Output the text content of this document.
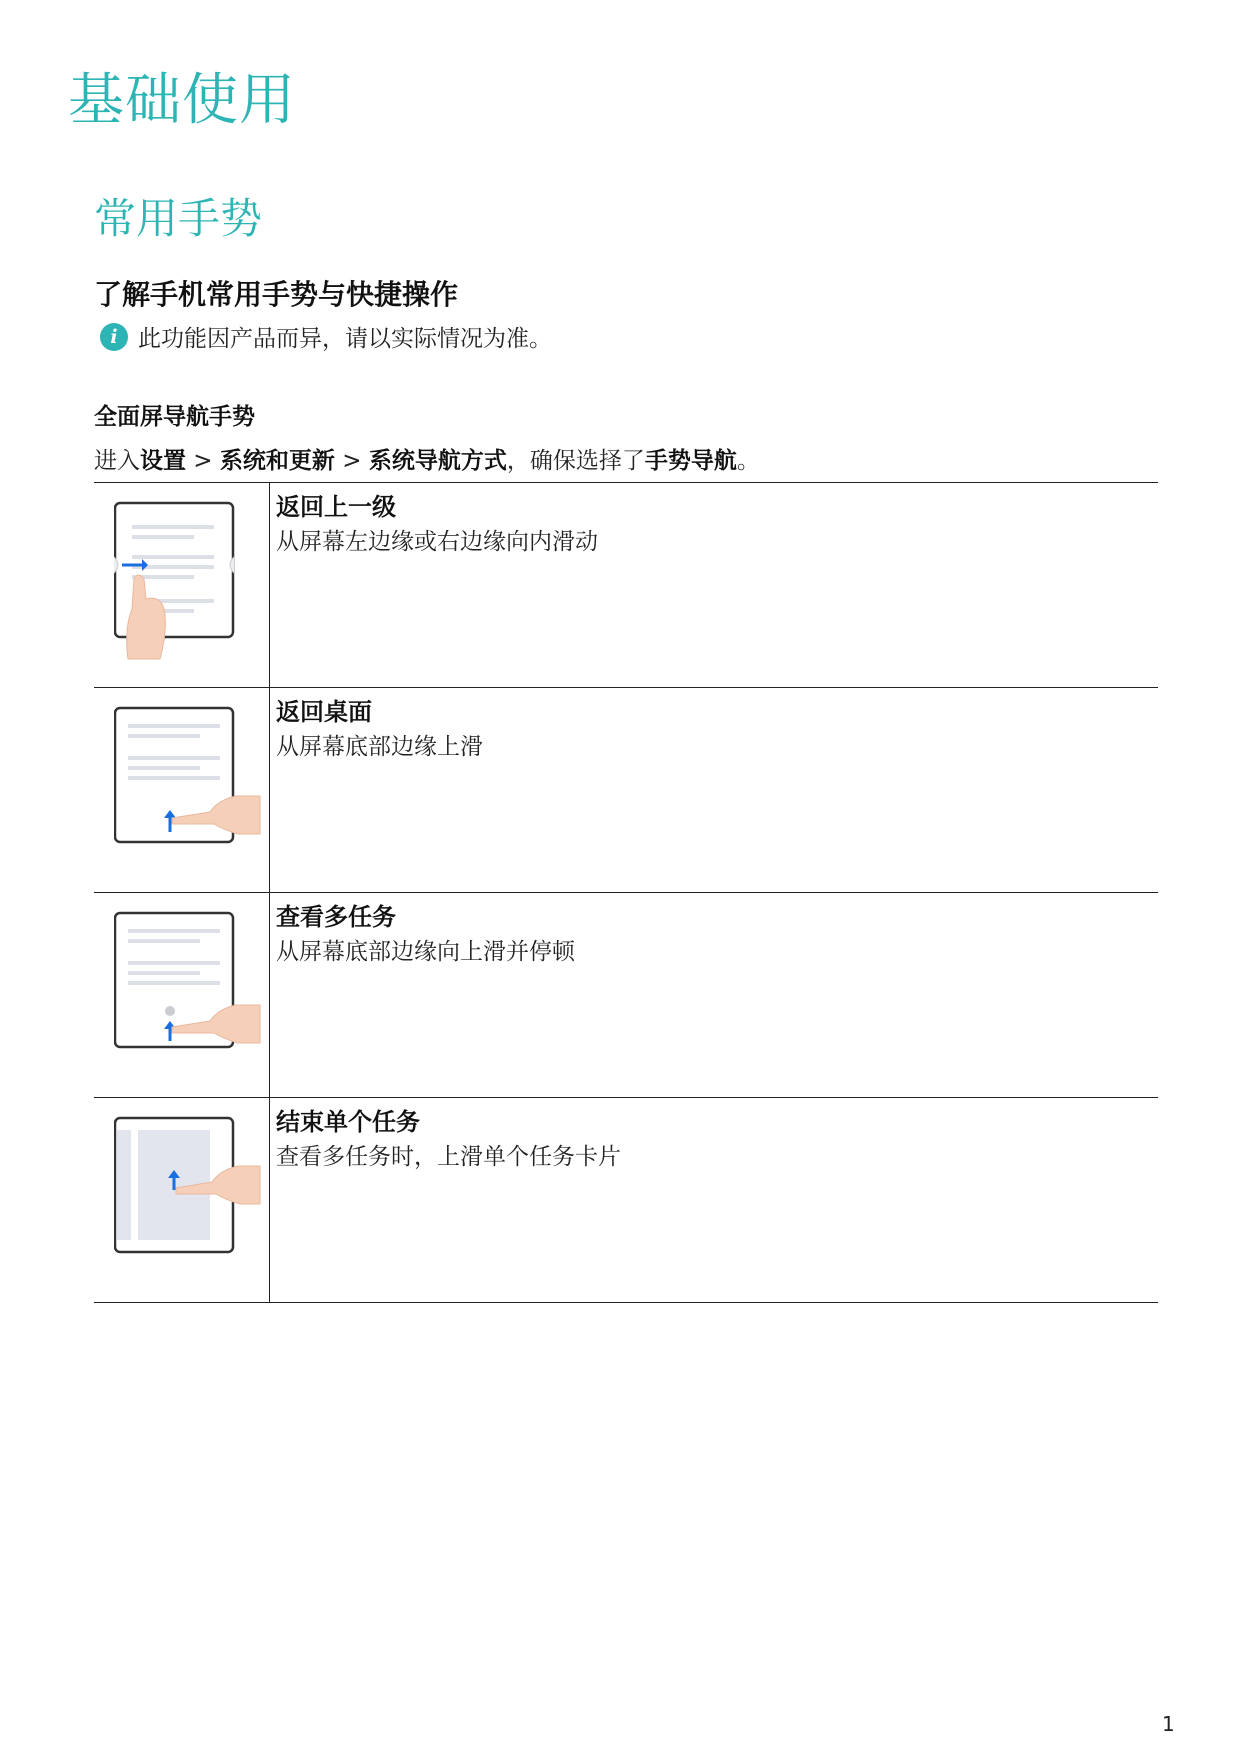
基础使用
常用手势
了解手机常用手势与快捷操作
i 此功能因产品而异，请以实际情况为准。
全面屏导航手势
进入设置 > 系统和更新 > 系统导航方式，确保选择了手势导航。

返回上一级
从屏幕左边缘或右边缘向内滑动

返回桌面
从屏幕底部边缘上滑

查看多任务
从屏幕底部边缘向上滑并停顿

结束单个任务
查看多任务时，上滑单个任务卡片
1
